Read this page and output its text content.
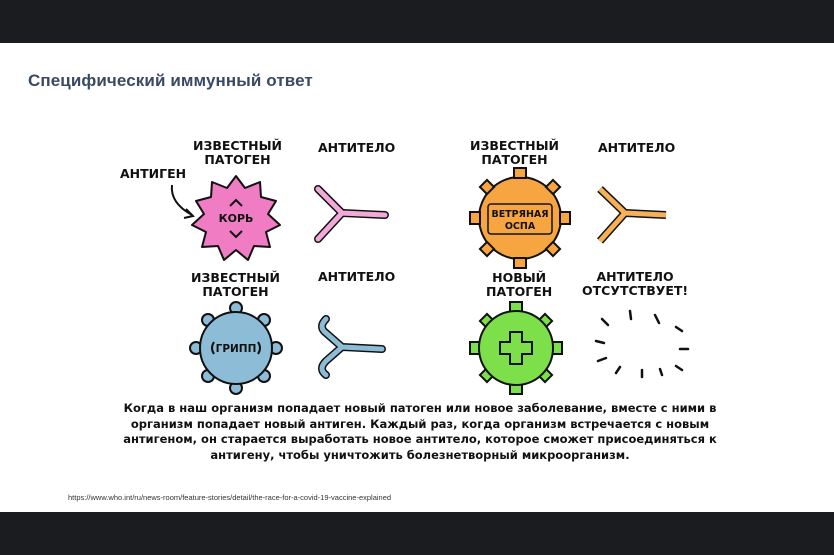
Специфический иммунный ответ
ИЗВЕСТНЫЙ
ПАТОГЕН
АНТИТЕЛО
АНТИГЕН
ИЗВЕСТНЫЙ
ПАТОГЕН
АНТИТЕЛО
ИЗВЕСТНЫЙ
ПАТОГЕН
АНТИТЕЛО	НОВЫЙ
ПАТОГЕН
АНТИТЕЛО
ОТСУТСТВУЕТ!
КОРЬ	ВЕТРЯНАЯ
ОСПА
ГРИПП
Когда в наш организм попадает новый патоген или новое заболевание, вместе с ними в организм попадает новый антиген. Каждый раз, когда организм встречается с новым антигеном, он старается выработать новое антитело, которое сможет присоединяться к антигену, чтобы уничтожить болезнетворный микроорганизм.
https://www.who.int/ru/news-room/feature-stories/detail/the-race-for-a-covid-19-vaccine-explained
